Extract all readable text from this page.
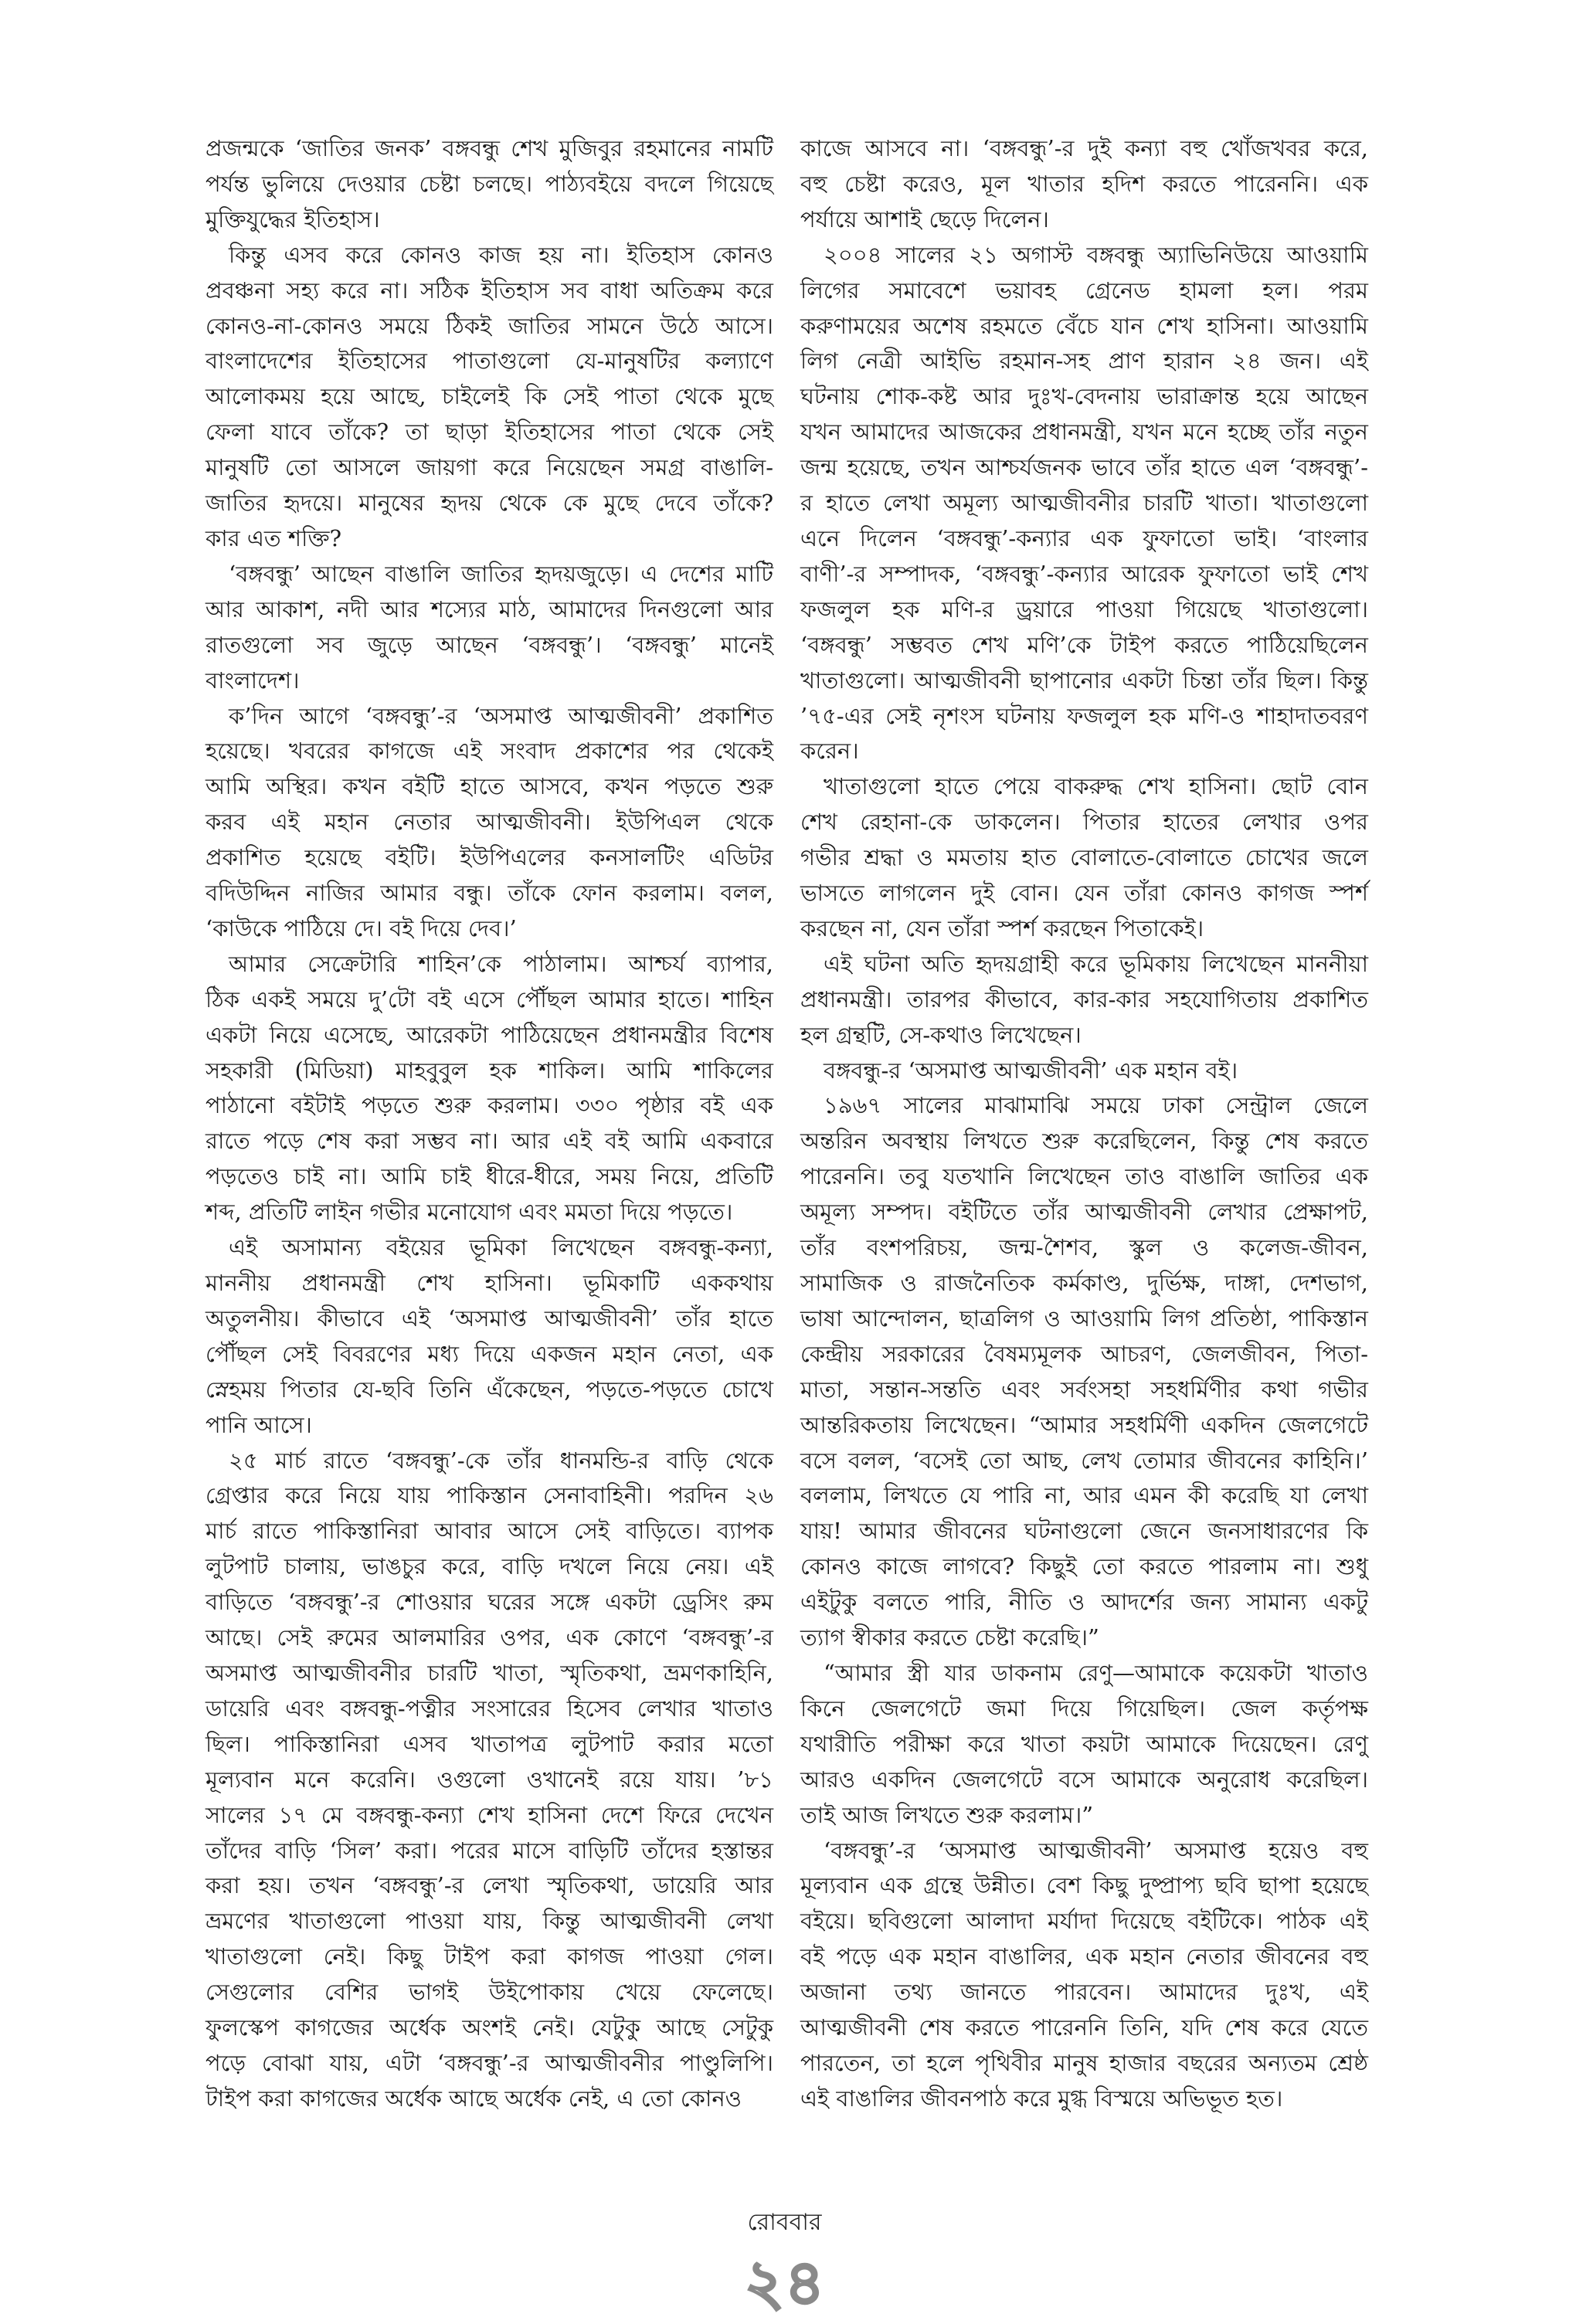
প্রজন্মকে ‘জাতির জনক’ বঙ্গবন্ধু শেখ মুজিবুর রহমানের নামটি
পর্যন্ত ভুলিয়ে দেওয়ার চেষ্টা চলছে। পাঠ্যবইয়ে বদলে গিয়েছে
মুক্তিযুদ্ধের ইতিহাস।
কিন্তু এসব করে কোনও কাজ হয় না। ইতিহাস কোনও
প্রবঞ্চনা সহ্য করে না। সঠিক ইতিহাস সব বাধা অতিক্রম করে
কোনও-না-কোনও সময়ে ঠিকই জাতির সামনে উঠে আসে।
বাংলাদেশের ইতিহাসের পাতাগুলো যে-মানুষটির কল্যাণে
আলোকময় হয়ে আছে, চাইলেই কি সেই পাতা থেকে মুছে
ফেলা যাবে তাঁকে? তা ছাড়া ইতিহাসের পাতা থেকে সেই
মানুষটি তো আসলে জায়গা করে নিয়েছেন সমগ্র বাঙালি-
জাতির হৃদয়ে। মানুষের হৃদয় থেকে কে মুছে দেবে তাঁকে?
কার এত শক্তি?
‘বঙ্গবন্ধু’ আছেন বাঙালি জাতির হৃদয়জুড়ে। এ দেশের মাটি
আর আকাশ, নদী আর শস্যের মাঠ, আমাদের দিনগুলো আর
রাতগুলো সব জুড়ে আছেন ‘বঙ্গবন্ধু’। ‘বঙ্গবন্ধু’ মানেই
বাংলাদেশ।
ক’দিন আগে ‘বঙ্গবন্ধু’-র ‘অসমাপ্ত আত্মজীবনী’ প্রকাশিত
হয়েছে। খবরের কাগজে এই সংবাদ প্রকাশের পর থেকেই
আমি অস্থির। কখন বইটি হাতে আসবে, কখন পড়তে শুরু
করব এই মহান নেতার আত্মজীবনী। ইউপিএল থেকে
প্রকাশিত হয়েছে বইটি। ইউপিএলের কনসালটিং এডিটর
বদিউদ্দিন নাজির আমার বন্ধু। তাঁকে ফোন করলাম। বলল,
‘কাউকে পাঠিয়ে দে। বই দিয়ে দেব।’
আমার সেক্রেটারি শাহিন’কে পাঠালাম। আশ্চর্য ব্যাপার,
ঠিক একই সময়ে দু’টো বই এসে পৌঁছল আমার হাতে। শাহিন
একটা নিয়ে এসেছে, আরেকটা পাঠিয়েছেন প্রধানমন্ত্রীর বিশেষ
সহকারী (মিডিয়া) মাহবুবুল হক শাকিল। আমি শাকিলের
পাঠানো বইটাই পড়তে শুরু করলাম। ৩৩০ পৃষ্ঠার বই এক
রাতে পড়ে শেষ করা সম্ভব না। আর এই বই আমি একবারে
পড়তেও চাই না। আমি চাই ধীরে-ধীরে, সময় নিয়ে, প্রতিটি
শব্দ, প্রতিটি লাইন গভীর মনোযোগ এবং মমতা দিয়ে পড়তে।
এই অসামান্য বইয়ের ভূমিকা লিখেছেন বঙ্গবন্ধু-কন্যা,
মাননীয় প্রধানমন্ত্রী শেখ হাসিনা। ভূমিকাটি এককথায়
অতুলনীয়। কীভাবে এই ‘অসমাপ্ত আত্মজীবনী’ তাঁর হাতে
পৌঁছল সেই বিবরণের মধ্য দিয়ে একজন মহান নেতা, এক
স্নেহময় পিতার যে-ছবি তিনি এঁকেছেন, পড়তে-পড়তে চোখে
পানি আসে।
২৫ মার্চ রাতে ‘বঙ্গবন্ধু’-কে তাঁর ধানমন্ডি-র বাড়ি থেকে
গ্রেপ্তার করে নিয়ে যায় পাকিস্তান সেনাবাহিনী। পরদিন ২৬
মার্চ রাতে পাকিস্তানিরা আবার আসে সেই বাড়িতে। ব্যাপক
লুটপাট চালায়, ভাঙচুর করে, বাড়ি দখলে নিয়ে নেয়। এই
বাড়িতে ‘বঙ্গবন্ধু’-র শোওয়ার ঘরের সঙ্গে একটা ড্রেসিং রুম
আছে। সেই রুমের আলমারির ওপর, এক কোণে ‘বঙ্গবন্ধু’-র
অসমাপ্ত আত্মজীবনীর চারটি খাতা, স্মৃতিকথা, ভ্রমণকাহিনি,
ডায়েরি এবং বঙ্গবন্ধু-পত্নীর সংসারের হিসেব লেখার খাতাও
ছিল। পাকিস্তানিরা এসব খাতাপত্র লুটপাট করার মতো
মূল্যবান মনে করেনি। ওগুলো ওখানেই রয়ে যায়। ’৮১
সালের ১৭ মে বঙ্গবন্ধু-কন্যা শেখ হাসিনা দেশে ফিরে দেখেন
তাঁদের বাড়ি ‘সিল’ করা। পরের মাসে বাড়িটি তাঁদের হস্তান্তর
করা হয়। তখন ‘বঙ্গবন্ধু’-র লেখা স্মৃতিকথা, ডায়েরি আর
ভ্রমণের খাতাগুলো পাওয়া যায়, কিন্তু আত্মজীবনী লেখা
খাতাগুলো নেই। কিছু টাইপ করা কাগজ পাওয়া গেল।
সেগুলোর বেশির ভাগই উইপোকায় খেয়ে ফেলেছে।
ফুলস্কেপ কাগজের অর্ধেক অংশই নেই। যেটুকু আছে সেটুকু
পড়ে বোঝা যায়, এটা ‘বঙ্গবন্ধু’-র আত্মজীবনীর পাণ্ডুলিপি।
টাইপ করা কাগজের অর্ধেক আছে অর্ধেক নেই, এ তো কোনও
কাজে আসবে না। ‘বঙ্গবন্ধু’-র দুই কন্যা বহু খোঁজখবর করে,
বহু চেষ্টা করেও, মূল খাতার হদিশ করতে পারেননি। এক
পর্যায়ে আশাই ছেড়ে দিলেন।
২০০৪ সালের ২১ অগাস্ট বঙ্গবন্ধু অ্যাভিনিউয়ে আওয়ামি
লিগের সমাবেশে ভয়াবহ গ্রেনেড হামলা হল। পরম
করুণাময়ের অশেষ রহমতে বেঁচে যান শেখ হাসিনা। আওয়ামি
লিগ নেত্রী আইভি রহমান-সহ প্রাণ হারান ২৪ জন। এই
ঘটনায় শোক-কষ্ট আর দুঃখ-বেদনায় ভারাক্রান্ত হয়ে আছেন
যখন আমাদের আজকের প্রধানমন্ত্রী, যখন মনে হচ্ছে তাঁর নতুন
জন্ম হয়েছে, তখন আশ্চর্যজনক ভাবে তাঁর হাতে এল ‘বঙ্গবন্ধু’-
র হাতে লেখা অমূল্য আত্মজীবনীর চারটি খাতা। খাতাগুলো
এনে দিলেন ‘বঙ্গবন্ধু’-কন্যার এক ফুফাতো ভাই। ‘বাংলার
বাণী’-র সম্পাদক, ‘বঙ্গবন্ধু’-কন্যার আরেক ফুফাতো ভাই শেখ
ফজলুল হক মণি-র ড্রয়ারে পাওয়া গিয়েছে খাতাগুলো।
‘বঙ্গবন্ধু’ সম্ভবত শেখ মণি’কে টাইপ করতে পাঠিয়েছিলেন
খাতাগুলো। আত্মজীবনী ছাপানোর একটা চিন্তা তাঁর ছিল। কিন্তু
’৭৫-এর সেই নৃশংস ঘটনায় ফজলুল হক মণি-ও শাহাদাতবরণ
করেন।
খাতাগুলো হাতে পেয়ে বাকরুদ্ধ শেখ হাসিনা। ছোট বোন
শেখ রেহানা-কে ডাকলেন। পিতার হাতের লেখার ওপর
গভীর শ্রদ্ধা ও মমতায় হাত বোলাতে-বোলাতে চোখের জলে
ভাসতে লাগলেন দুই বোন। যেন তাঁরা কোনও কাগজ স্পর্শ
করছেন না, যেন তাঁরা স্পর্শ করছেন পিতাকেই।
এই ঘটনা অতি হৃদয়গ্রাহী করে ভূমিকায় লিখেছেন মাননীয়া
প্রধানমন্ত্রী। তারপর কীভাবে, কার-কার সহযোগিতায় প্রকাশিত
হল গ্রন্থটি, সে-কথাও লিখেছেন।
বঙ্গবন্ধু-র ‘অসমাপ্ত আত্মজীবনী’ এক মহান বই।
১৯৬৭ সালের মাঝামাঝি সময়ে ঢাকা সেন্ট্রাল জেলে
অন্তরিন অবস্থায় লিখতে শুরু করেছিলেন, কিন্তু শেষ করতে
পারেননি। তবু যতখানি লিখেছেন তাও বাঙালি জাতির এক
অমূল্য সম্পদ। বইটিতে তাঁর আত্মজীবনী লেখার প্রেক্ষাপট,
তাঁর বংশপরিচয়, জন্ম-শৈশব, স্কুল ও কলেজ-জীবন,
সামাজিক ও রাজনৈতিক কর্মকাণ্ড, দুর্ভিক্ষ, দাঙ্গা, দেশভাগ,
ভাষা আন্দোলন, ছাত্রলিগ ও আওয়ামি লিগ প্রতিষ্ঠা, পাকিস্তান
কেন্দ্রীয় সরকারের বৈষম্যমূলক আচরণ, জেলজীবন, পিতা-
মাতা, সন্তান-সন্ততি এবং সর্বংসহা সহধর্মিণীর কথা গভীর
আন্তরিকতায় লিখেছেন। “আমার সহধর্মিণী একদিন জেলগেটে
বসে বলল, ‘বসেই তো আছ, লেখ তোমার জীবনের কাহিনি।’
বললাম, লিখতে যে পারি না, আর এমন কী করেছি যা লেখা
যায়! আমার জীবনের ঘটনাগুলো জেনে জনসাধারণের কি
কোনও কাজে লাগবে? কিছুই তো করতে পারলাম না। শুধু
এইটুকু বলতে পারি, নীতি ও আদর্শের জন্য সামান্য একটু
ত্যাগ স্বীকার করতে চেষ্টা করেছি।”
“আমার স্ত্রী যার ডাকনাম রেণু—আমাকে কয়েকটা খাতাও
কিনে জেলগেটে জমা দিয়ে গিয়েছিল। জেল কর্তৃপক্ষ
যথারীতি পরীক্ষা করে খাতা কয়টা আমাকে দিয়েছেন। রেণু
আরও একদিন জেলগেটে বসে আমাকে অনুরোধ করেছিল।
তাই আজ লিখতে শুরু করলাম।”
‘বঙ্গবন্ধু’-র ‘অসমাপ্ত আত্মজীবনী’ অসমাপ্ত হয়েও বহু
মূল্যবান এক গ্রন্থে উন্নীত। বেশ কিছু দুষ্প্রাপ্য ছবি ছাপা হয়েছে
বইয়ে। ছবিগুলো আলাদা মর্যাদা দিয়েছে বইটিকে। পাঠক এই
বই পড়ে এক মহান বাঙালির, এক মহান নেতার জীবনের বহু
অজানা তথ্য জানতে পারবেন। আমাদের দুঃখ, এই
আত্মজীবনী শেষ করতে পারেননি তিনি, যদি শেষ করে যেতে
পারতেন, তা হলে পৃথিবীর মানুষ হাজার বছরের অন্যতম শ্রেষ্ঠ
এই বাঙালির জীবনপাঠ করে মুগ্ধ বিস্ময়ে অভিভূত হত।
রোববার
২৪
